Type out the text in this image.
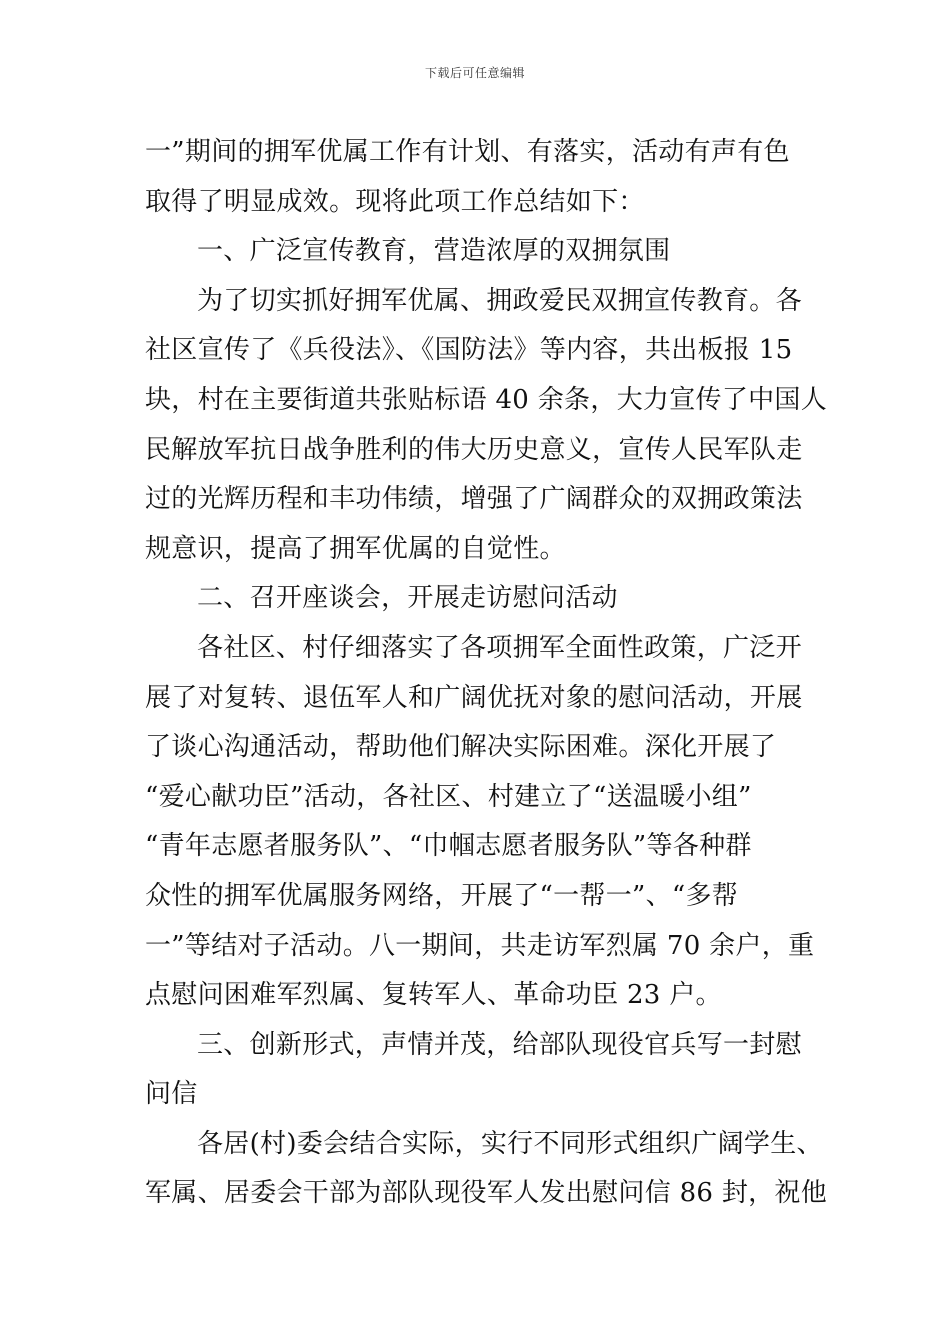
下载后可任意编辑
一”期间的拥军优属工作有计划、有落实，活动有声有色
取得了明显成效。现将此项工作总结如下：
一、广泛宣传教育，营造浓厚的双拥氛围
为了切实抓好拥军优属、拥政爱民双拥宣传教育。各
社区宣传了《兵役法》、《国防法》等内容，共出板报 15
块，村在主要街道共张贴标语 40 余条，大力宣传了中国人
民解放军抗日战争胜利的伟大历史意义，宣传人民军队走
过的光辉历程和丰功伟绩，增强了广阔群众的双拥政策法
规意识，提高了拥军优属的自觉性。
二、召开座谈会，开展走访慰问活动
各社区、村仔细落实了各项拥军全面性政策，广泛开
展了对复转、退伍军人和广阔优抚对象的慰问活动，开展
了谈心沟通活动，帮助他们解决实际困难。深化开展了
“爱心献功臣”活动，各社区、村建立了“送温暖小组”
“青年志愿者服务队”、“巾帼志愿者服务队”等各种群
众性的拥军优属服务网络，开展了“一帮一”、“多帮
一”等结对子活动。八一期间，共走访军烈属 70 余户，重
点慰问困难军烈属、复转军人、革命功臣 23 户。
三、创新形式，声情并茂，给部队现役官兵写一封慰
问信
各居(村)委会结合实际，实行不同形式组织广阔学生、
军属、居委会干部为部队现役军人发出慰问信 86 封，祝他
